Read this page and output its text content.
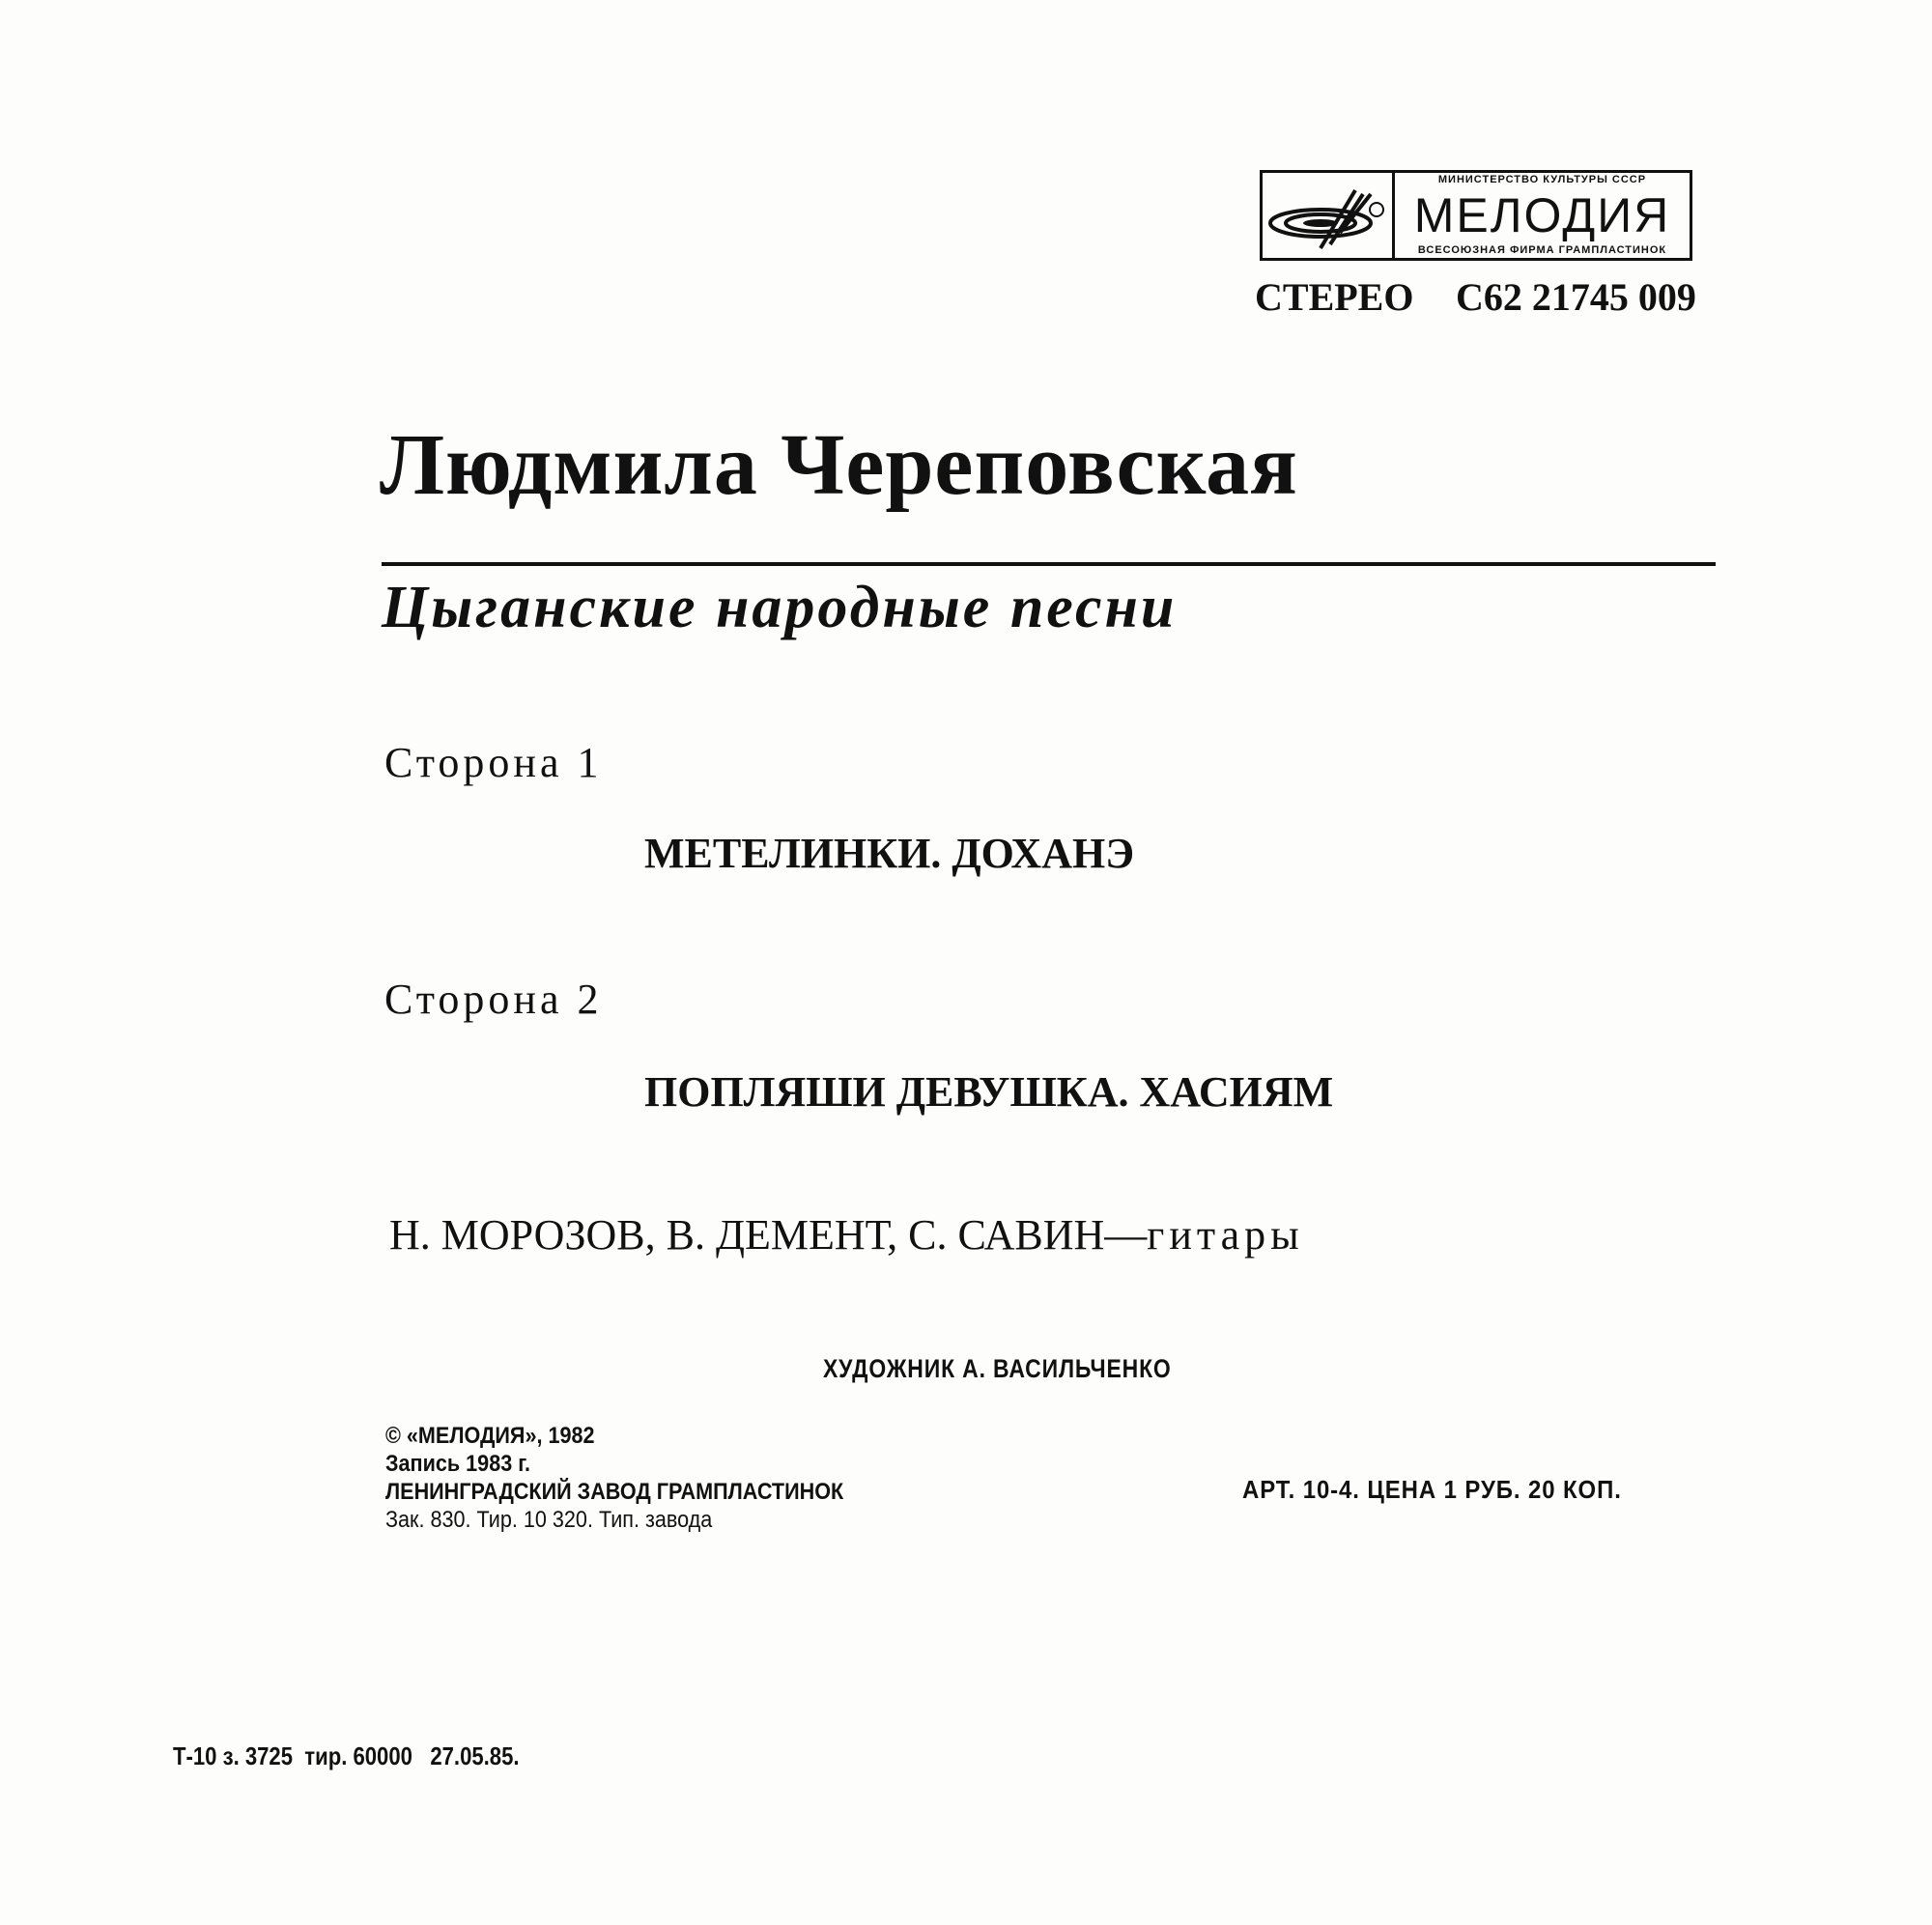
МИНИСТЕРСТВО КУЛЬТУРЫ СССР
МЕЛОДИЯ
ВСЕСОЮЗНАЯ ФИРМА ГРАМПЛАСТИНОК
СТЕРЕО С62 21745 009
Людмила Череповская
Цыганские народные песни
Сторона 1
МЕТЕЛИНКИ. ДОХАНЭ
Сторона 2
ПОПЛЯШИ ДЕВУШКА. ХАСИЯМ
Н. МОРОЗОВ, В. ДЕМЕНТ, С. САВИН—гитары
ХУДОЖНИК А. ВАСИЛЬЧЕНКО
© «МЕЛОДИЯ», 1982
Запись 1983 г.
ЛЕНИНГРАДСКИЙ ЗАВОД ГРАМПЛАСТИНОК
Зак. 830. Тир. 10 320. Тип. завода
АРТ. 10-4. ЦЕНА 1 РУБ. 20 КОП.
Т-10 з. 3725  тир. 60000   27.05.85.
